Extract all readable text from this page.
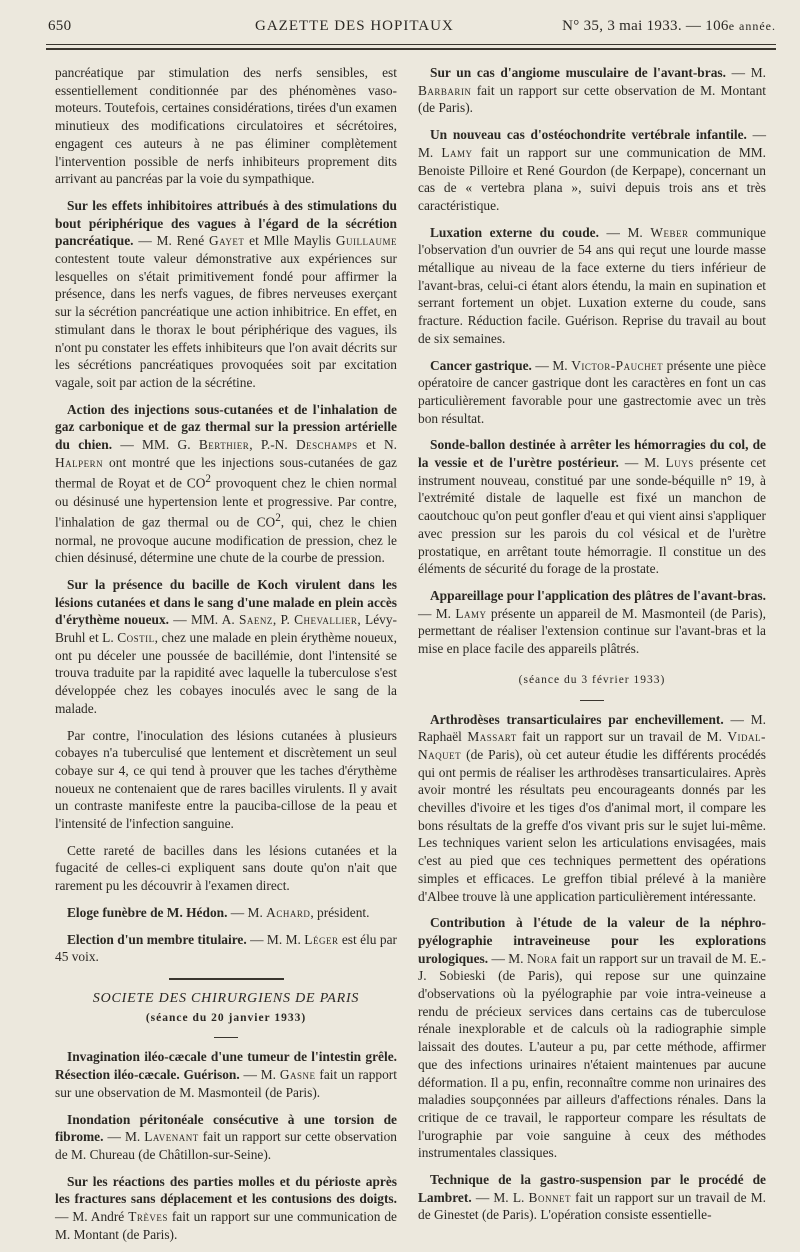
650	GAZETTE DES HOPITAUX	N° 35, 3 mai 1933. — 106e année.

pancréatique par stimulation des nerfs sensibles, est essentiellement conditionnée par des phénomènes vaso-moteurs. Toutefois, certaines considérations, tirées d'un examen minutieux des modifications circulatoires et sécrétoires, engagent ces auteurs à ne pas éliminer complètement l'intervention possible de nerfs inhibiteurs proprement dits arrivant au pancréas par la voie du sympathique.

Sur les effets inhibitoires attribués à des stimulations du bout périphérique des vagues à l'égard de la sécrétion pancréatique. — M. René Gayet et Mlle Maylis Guillaume contestent toute valeur démonstrative aux expériences sur lesquelles on s'était primitivement fondé pour affirmer la présence, dans les nerfs vagues, de fibres nerveuses exerçant sur la sécrétion pancréatique une action inhibitrice. En effet, en stimulant dans le thorax le bout périphérique des vagues, ils n'ont pu constater les effets inhibiteurs que l'on avait décrits sur les sécrétions pancréatiques provoquées soit par excitation vagale, soit par action de la sécrétine.

Action des injections sous-cutanées et de l'inhalation de gaz carbonique et de gaz thermal sur la pression artérielle du chien. — MM. G. Berthier, P.-N. Deschamps et N. Halpern ont montré que les injections sous-cutanées de gaz thermal de Royat et de $CO^2$ provoquent chez le chien normal ou désinusé une hypertension lente et progressive. Par contre, l'inhalation de gaz thermal ou de $CO^2$, qui, chez le chien normal, ne provoque aucune modification de pression, chez le chien désinusé, détermine une chute de la courbe de pression.

Sur la présence du bacille de Koch virulent dans les lésions cutanées et dans le sang d'une malade en plein accès d'érythème noueux. — MM. A. Saenz, P. Chevallier, Lévy-Bruhl et L. Costil, chez une malade en plein érythème noueux, ont pu déceler une poussée de bacillémie, dont l'intensité se trouva traduite par la rapidité avec laquelle la tuberculose s'est développée chez les cobayes inoculés avec le sang de la malade.

Par contre, l'inoculation des lésions cutanées à plusieurs cobayes n'a tuberculisé que lentement et discrètement un seul cobaye sur 4, ce qui tend à prouver que les taches d'érythème noueux ne contenaient que de rares bacilles virulents. Il y avait un contraste manifeste entre la pauciba-cillose de la peau et l'intensité de l'infection sanguine.

Cette rareté de bacilles dans les lésions cutanées et la fugacité de celles-ci expliquent sans doute qu'on n'ait que rarement pu les découvrir à l'examen direct.

Eloge funèbre de M. Hédon. — M. Achard, président.

Election d'un membre titulaire. — M. M. Léger est élu par 45 voix.

SOCIETE DES CHIRURGIENS DE PARIS
(séance du 20 janvier 1933)

Invagination iléo-cæcale d'une tumeur de l'intestin grêle. Résection iléo-cæcale. Guérison. — M. Gasne fait un rapport sur une observation de M. Masmonteil (de Paris).

Inondation péritonéale consécutive à une torsion de fibrome. — M. Lavenant fait un rapport sur cette observation de M. Chureau (de Châtillon-sur-Seine).

Sur les réactions des parties molles et du périoste après les fractures sans déplacement et les contusions des doigts. — M. André Trèves fait un rapport sur une communication de M. Montant (de Paris).

Sur un cas d'angiome musculaire de l'avant-bras. — M. Barbarin fait un rapport sur cette observation de M. Montant (de Paris).

Un nouveau cas d'ostéochondrite vertébrale infantile. — M. Lamy fait un rapport sur une communication de MM. Benoiste Pilloire et René Gourdon (de Kerpape), concernant un cas de « vertebra plana », suivi depuis trois ans et très caractéristique.

Luxation externe du coude. — M. Weber communique l'observation d'un ouvrier de 54 ans qui reçut une lourde masse métallique au niveau de la face externe du tiers inférieur de l'avant-bras, celui-ci étant alors étendu, la main en supination et serrant fortement un objet. Luxation externe du coude, sans fracture. Réduction facile. Guérison. Reprise du travail au bout de six semaines.

Cancer gastrique. — M. Victor-Pauchet présente une pièce opératoire de cancer gastrique dont les caractères en font un cas particulièrement favorable pour une gastrectomie avec un très bon résultat.

Sonde-ballon destinée à arrêter les hémorragies du col, de la vessie et de l'urètre postérieur. — M. Luys présente cet instrument nouveau, constitué par une sonde-béquille n° 19, à l'extrémité distale de laquelle est fixé un manchon de caoutchouc qu'on peut gonfler d'eau et qui vient ainsi s'appliquer avec pression sur les parois du col vésical et de l'urètre prostatique, en arrêtant toute hémorragie. Il constitue un des éléments de sécurité du forage de la prostate.

Appareillage pour l'application des plâtres de l'avant-bras. — M. Lamy présente un appareil de M. Masmonteil (de Paris), permettant de réaliser l'extension continue sur l'avant-bras et la mise en place facile des appareils plâtrés.

(séance du 3 février 1933)

Arthrodèses transarticulaires par enchevillement. — M. Raphaël Massart fait un rapport sur un travail de M. Vidal-Naquet (de Paris), où cet auteur étudie les différents procédés qui ont permis de réaliser les arthrodèses transarticulaires. Après avoir montré les résultats peu encourageants donnés par les chevilles d'ivoire et les tiges d'os d'animal mort, il compare les bons résultats de la greffe d'os vivant pris sur le sujet lui-même. Les techniques varient selon les articulations envisagées, mais c'est au pied que ces techniques permettent des opérations simples et efficaces. Le greffon tibial prélevé à la manière d'Albee trouve là une application particulièrement intéressante.

Contribution à l'étude de la valeur de la néphro-pyélographie intraveineuse pour les explorations urologiques. — M. Nora fait un rapport sur un travail de M. E.-J. Sobieski (de Paris), qui repose sur une quinzaine d'observations où la pyélographie par voie intra-veineuse a rendu de précieux services dans certains cas de tuberculose rénale inexplorable et de calculs où la radiographie simple laissait des doutes. L'auteur a pu, par cette méthode, affirmer que des infections urinaires n'étaient maintenues par aucune déformation. Il a pu, enfin, reconnaître comme non urinaires des maladies soupçonnées par ailleurs d'affections rénales. Dans la critique de ce travail, le rapporteur compare les résultats de l'urographie par voie sanguine à ceux des méthodes instrumentales classiques.

Technique de la gastro-suspension par le procédé de Lambret. — M. L. Bonnet fait un rapport sur un travail de M. de Ginestet (de Paris). L'opération consiste essentielle-
